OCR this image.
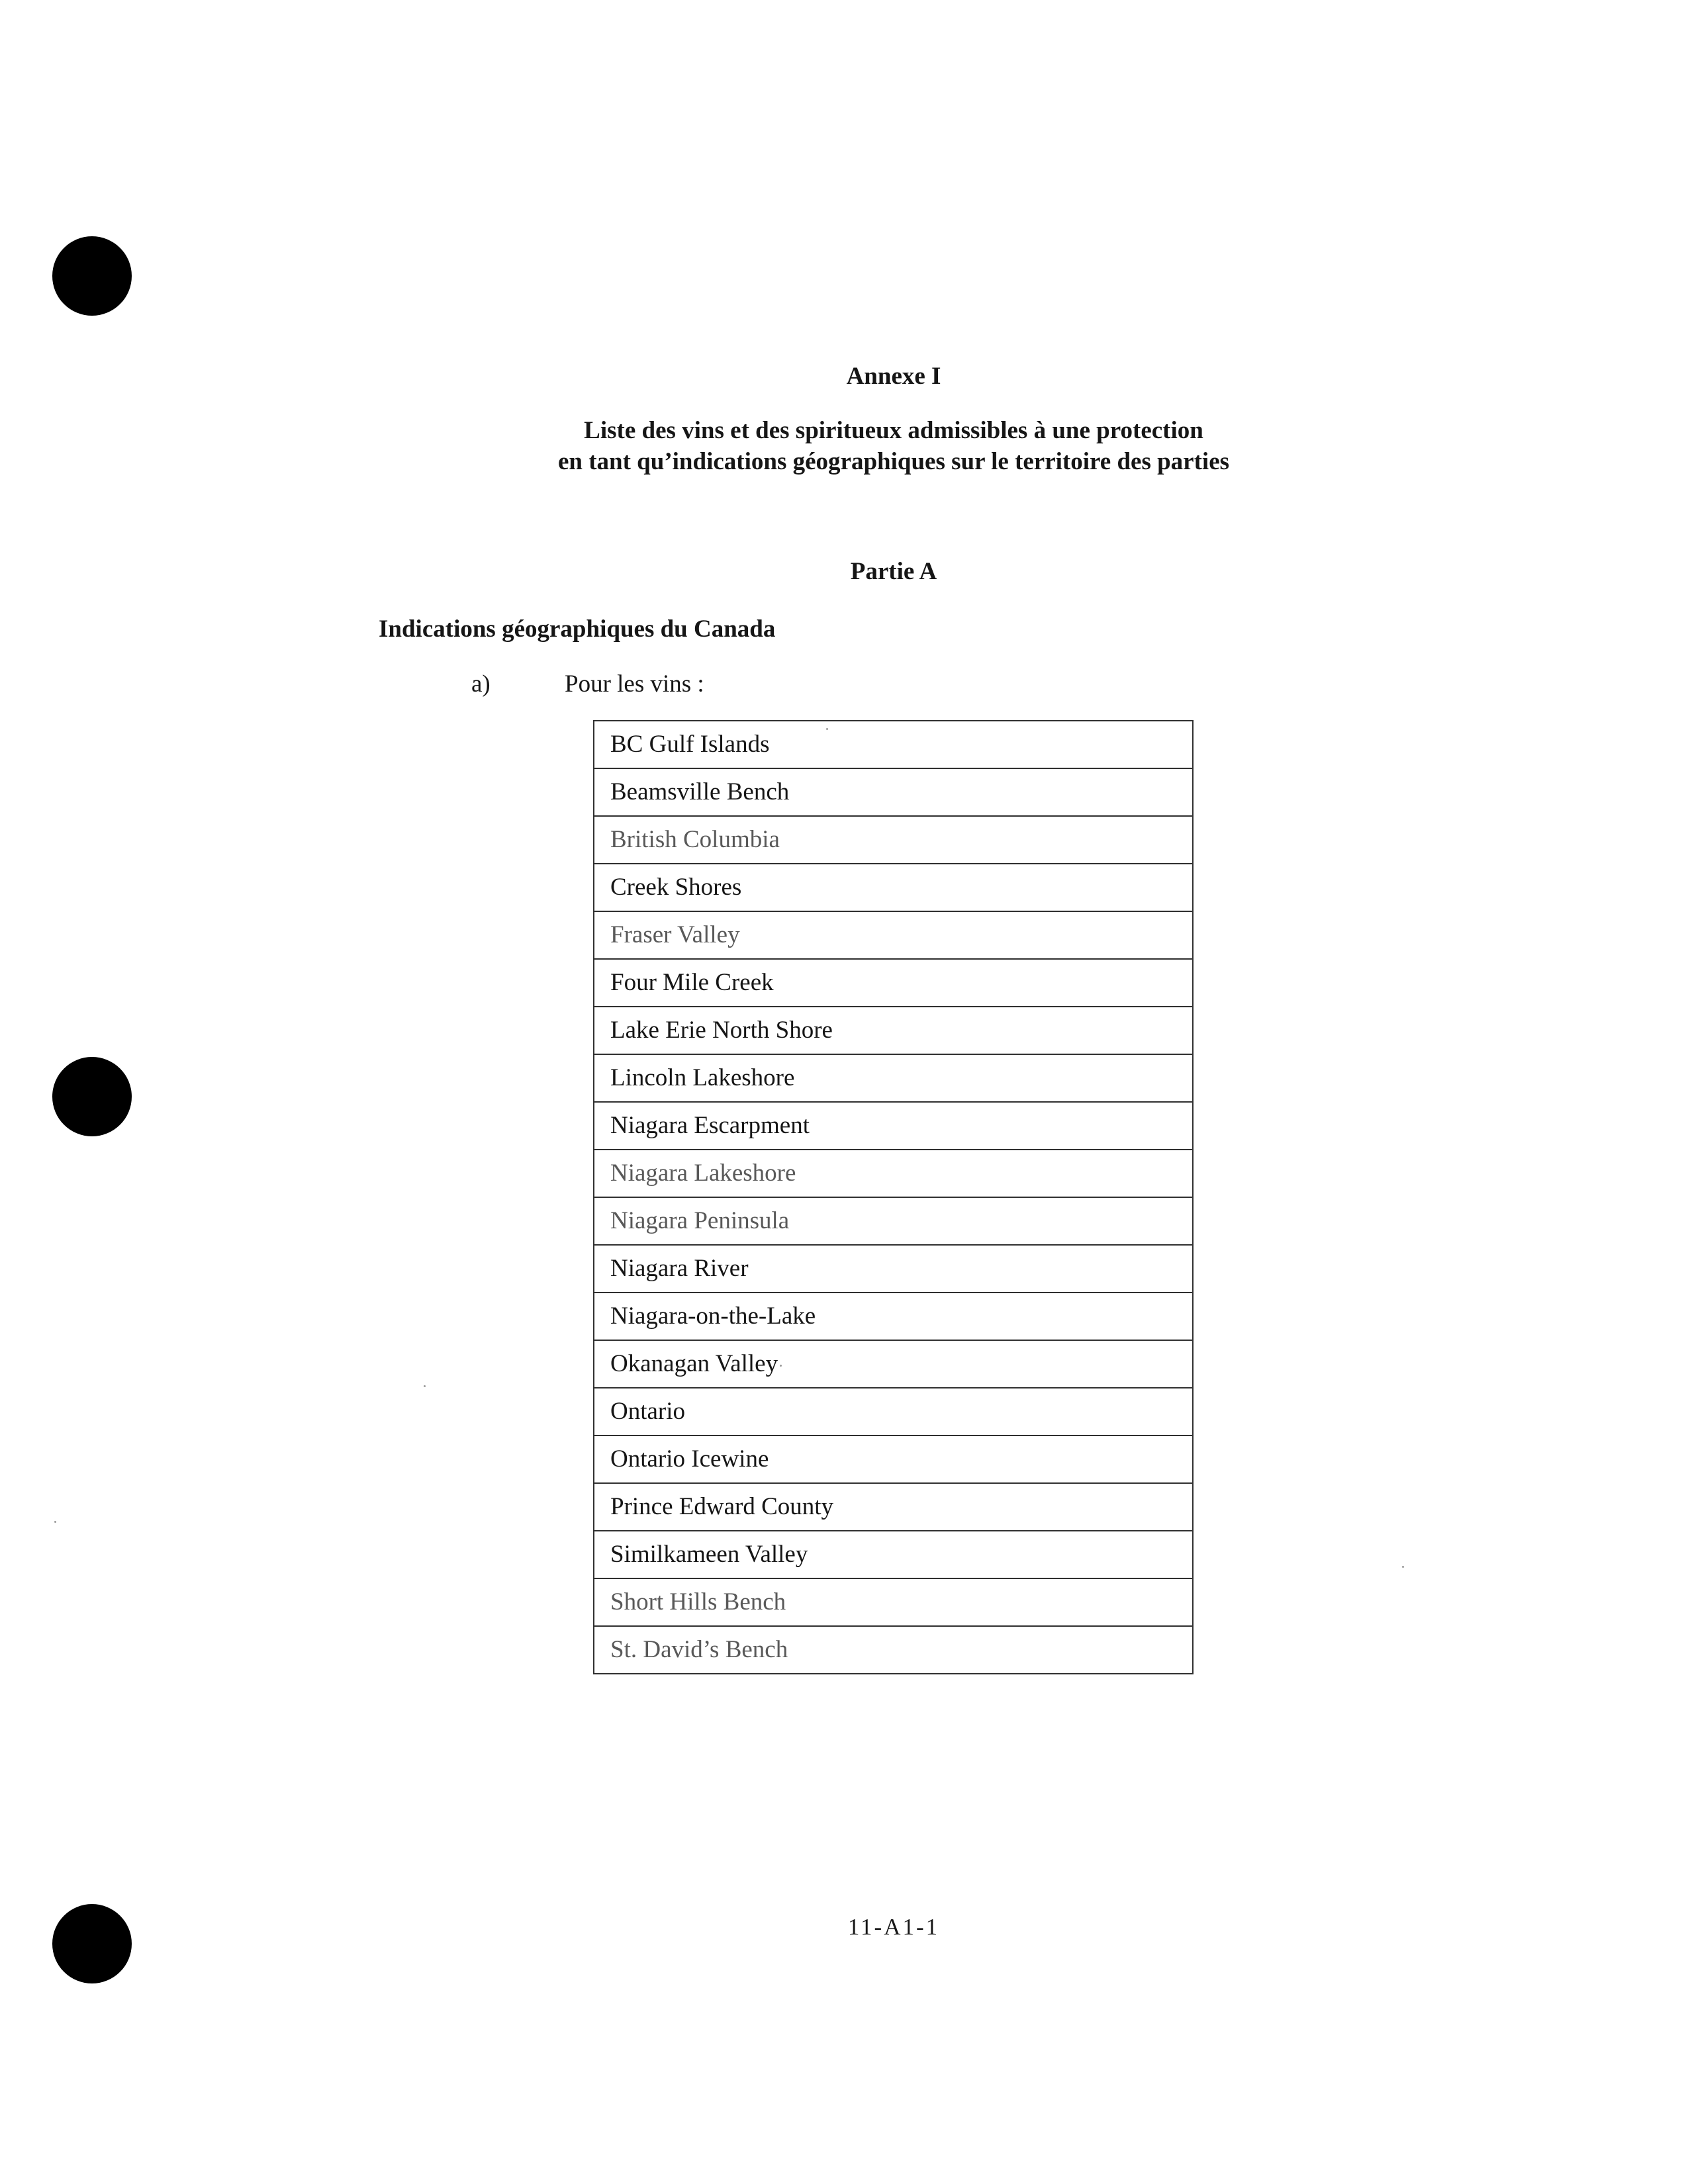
Annexe I
Liste des vins et des spiritueux admissibles à une protection
en tant qu’indications géographiques sur le territoire des parties
Partie A
Indications géographiques du Canada
a)	Pour les vins :
BC Gulf Islands
Beamsville Bench
British Columbia
Creek Shores
Fraser Valley
Four Mile Creek
Lake Erie North Shore
Lincoln Lakeshore
Niagara Escarpment
Niagara Lakeshore
Niagara Peninsula
Niagara River
Niagara-on-the-Lake
Okanagan Valley
Ontario
Ontario Icewine
Prince Edward County
Similkameen Valley
Short Hills Bench
St. David’s Bench
11-A1-1
